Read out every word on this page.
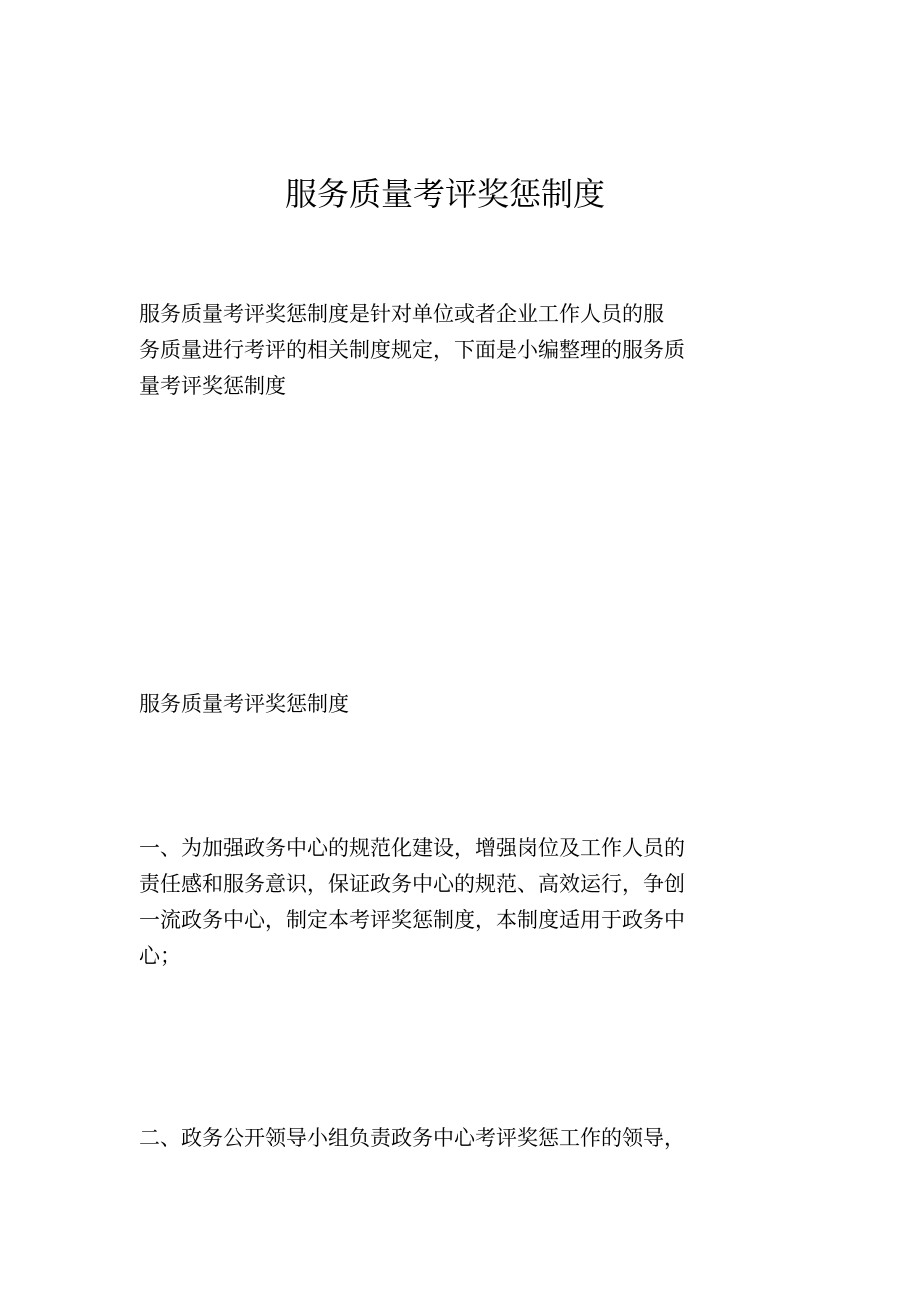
服务质量考评奖惩制度

服务质量考评奖惩制度是针对单位或者企业工作人员的服
务质量进行考评的相关制度规定，下面是小编整理的服务质
量考评奖惩制度

服务质量考评奖惩制度

一、为加强政务中心的规范化建设，增强岗位及工作人员的
责任感和服务意识，保证政务中心的规范、高效运行，争创
一流政务中心，制定本考评奖惩制度，本制度适用于政务中
心；

二、政务公开领导小组负责政务中心考评奖惩工作的领导，
